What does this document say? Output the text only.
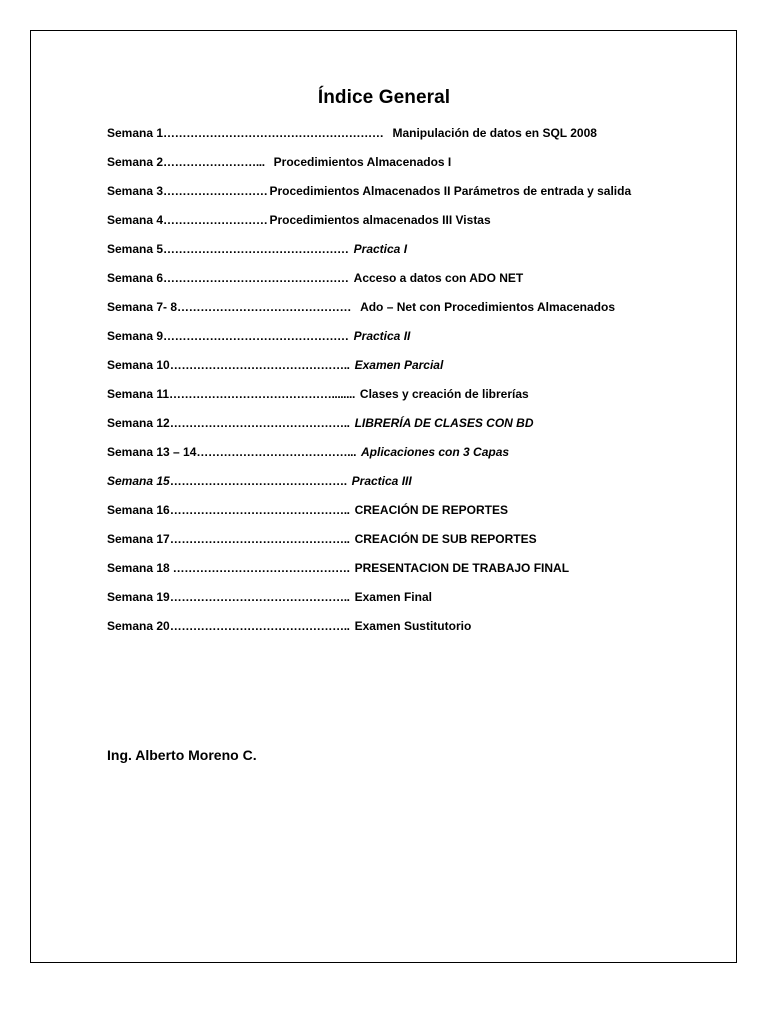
Índice General
Semana 1………………………………………………… Manipulación de datos en SQL 2008
Semana 2……………………... Procedimientos Almacenados I
Semana 3……………………… Procedimientos Almacenados II Parámetros de entrada y salida
Semana 4……………………… Procedimientos almacenados III Vistas
Semana 5………………………………………… Practica I
Semana 6………………………………………… Acceso a datos con ADO NET
Semana 7- 8……………………………………… Ado – Net con Procedimientos Almacenados
Semana 9………………………………………… Practica II
Semana 10……………………………………….. Examen Parcial
Semana 11……………………………………........ Clases y creación de librerías
Semana 12……………………………………….. LIBRERÍA DE CLASES CON BD
Semana 13 – 14…………………………………... Aplicaciones con 3 Capas
Semana 15………………………………………. Practica III
Semana 16……………………………………….. CREACIÓN DE REPORTES
Semana 17……………………………………….. CREACIÓN DE SUB REPORTES
Semana 18 ………………………………………. PRESENTACION DE TRABAJO FINAL
Semana 19……………………………………….. Examen Final
Semana 20……………………………………….. Examen Sustitutorio
Ing. Alberto Moreno C.
